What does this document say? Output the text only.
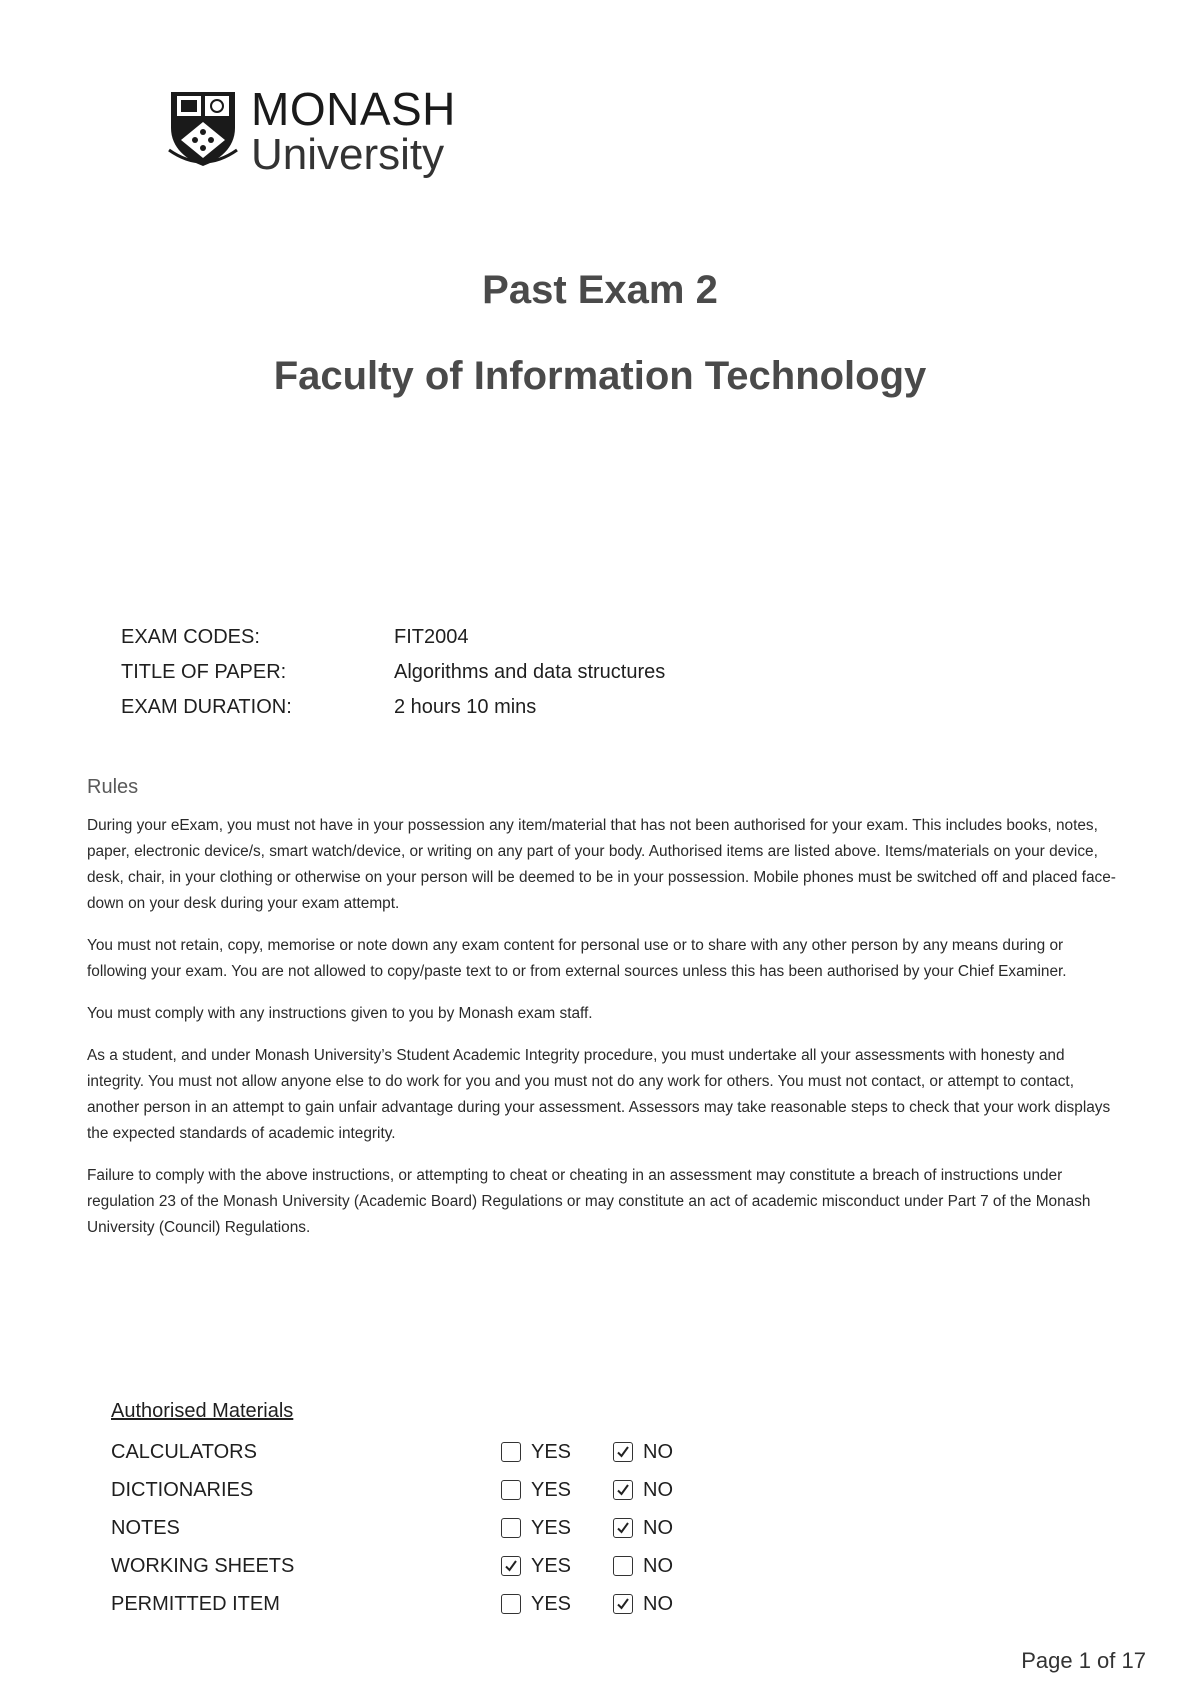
MONASH
University
Past Exam 2
Faculty of Information Technology
EXAM CODES:	FIT2004
TITLE OF PAPER:	Algorithms and data structures
EXAM DURATION:	2 hours 10 mins
Rules

During your eExam, you must not have in your possession any item/material that has not been authorised for your exam. This includes books, notes, paper, electronic device/s, smart watch/device, or writing on any part of your body. Authorised items are listed above. Items/materials on your device, desk, chair, in your clothing or otherwise on your person will be deemed to be in your possession. Mobile phones must be switched off and placed face-down on your desk during your exam attempt.

You must not retain, copy, memorise or note down any exam content for personal use or to share with any other person by any means during or following your exam. You are not allowed to copy/paste text to or from external sources unless this has been authorised by your Chief Examiner.

You must comply with any instructions given to you by Monash exam staff.

As a student, and under Monash University’s Student Academic Integrity procedure, you must undertake all your assessments with honesty and integrity. You must not allow anyone else to do work for you and you must not do any work for others. You must not contact, or attempt to contact, another person in an attempt to gain unfair advantage during your assessment. Assessors may take reasonable steps to check that your work displays the expected standards of academic integrity.

Failure to comply with the above instructions, or attempting to cheat or cheating in an assessment may constitute a breach of instructions under regulation 23 of the Monash University (Academic Board) Regulations or may constitute an act of academic misconduct under Part 7 of the Monash University (Council) Regulations.

Authorised Materials
CALCULATORS	YES	NO
DICTIONARIES	YES	NO
NOTES	YES	NO
WORKING SHEETS	YES	NO
PERMITTED ITEM	YES	NO
Page 1 of 17
